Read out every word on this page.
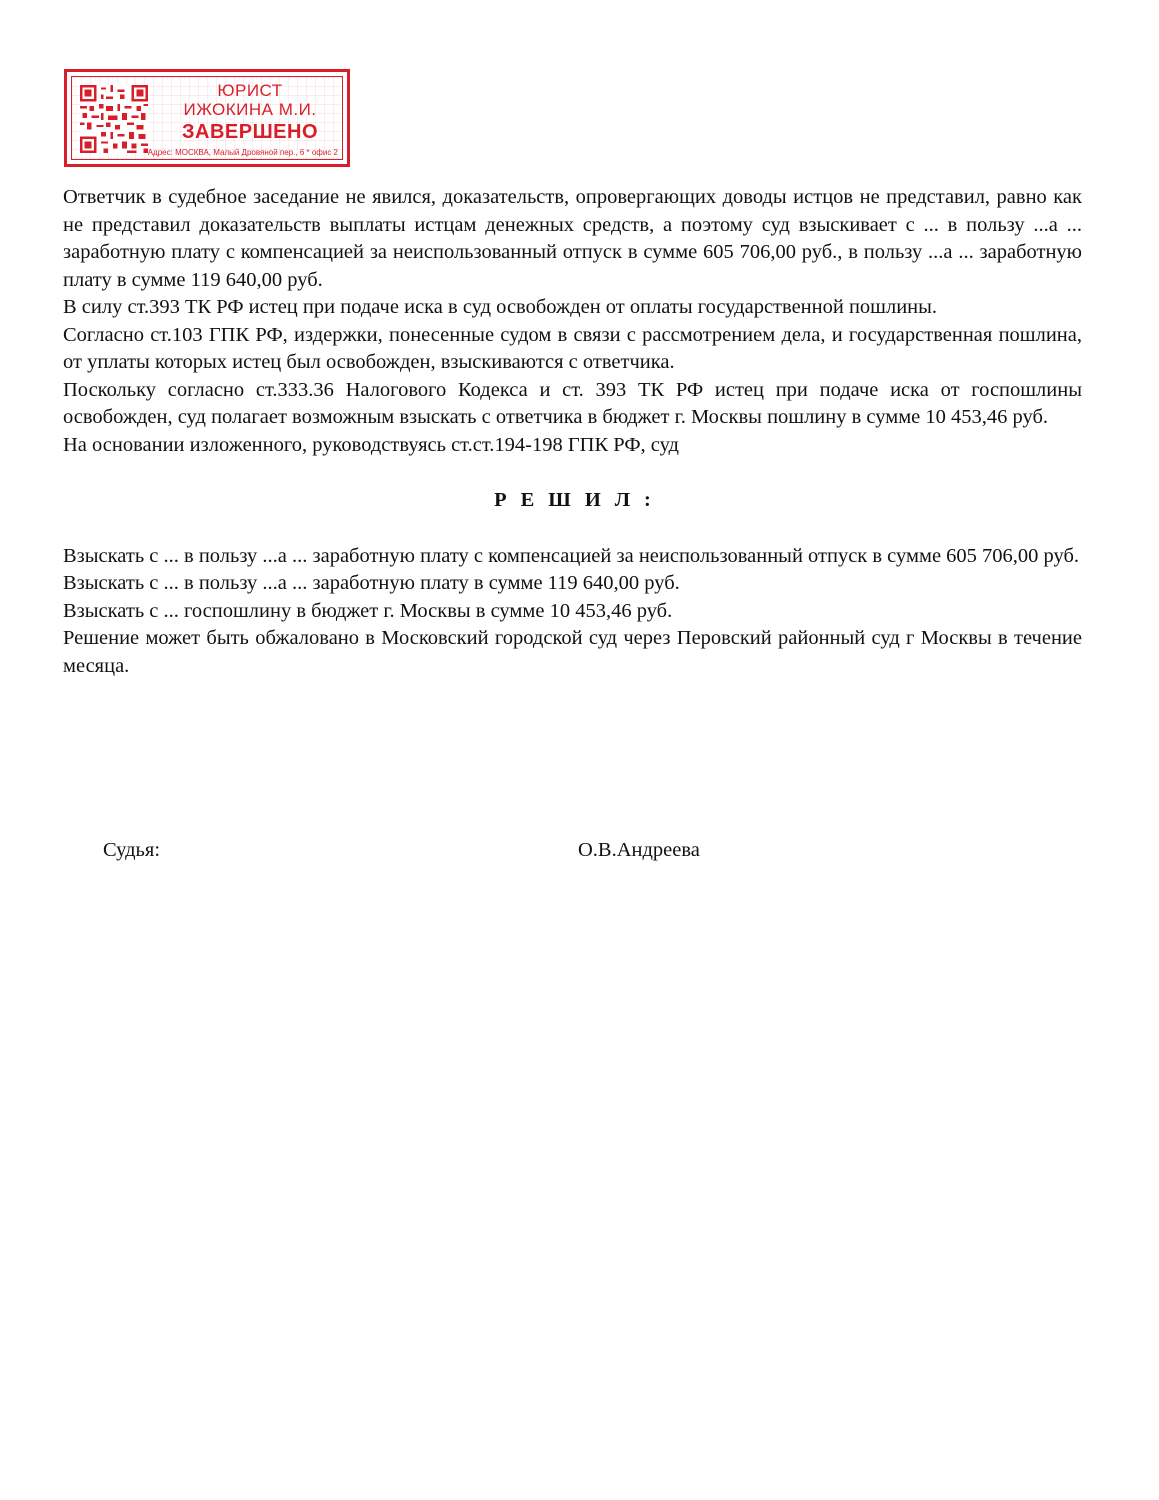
ЮРИСТ
ИЖОКИНА М.И.
ЗАВЕРШЕНО
Адрес: МОСКВА, Малый Дровяной пер., 6 * офис 2

Ответчик в судебное заседание не явился, доказательств, опровергающих доводы истцов не представил, равно как не представил доказательств выплаты истцам денежных средств, а поэтому суд взыскивает с ... в пользу ...а ... заработную плату с компенсацией за неиспользованный отпуск в сумме 605 706,00 руб., в пользу ...а ... заработную плату в сумме 119 640,00 руб.

В силу ст.393 ТК РФ истец при подаче иска в суд освобожден от оплаты государственной пошлины.

Согласно ст.103 ГПК РФ, издержки, понесенные судом в связи с рассмотрением дела, и государственная пошлина, от уплаты которых истец был освобожден, взыскиваются с ответчика.

Поскольку согласно ст.333.36 Налогового Кодекса и ст. 393 ТК РФ истец при подаче иска от госпошлины освобожден, суд полагает возможным взыскать с ответчика в бюджет г. Москвы пошлину в сумме 10 453,46 руб.

На основании изложенного, руководствуясь ст.ст.194-198 ГПК РФ, суд

РЕШИЛ:

Взыскать с ... в пользу ...а ... заработную плату с компенсацией за неиспользованный отпуск в сумме 605 706,00 руб.

Взыскать с ... в пользу ...а ... заработную плату в сумме 119 640,00 руб.

Взыскать с ... госпошлину в бюджет г. Москвы в сумме 10 453,46 руб.

Решение может быть обжаловано в Московский городской суд через Перовский районный суд г Москвы в течение месяца.

Судья:	О.В.Андреева
